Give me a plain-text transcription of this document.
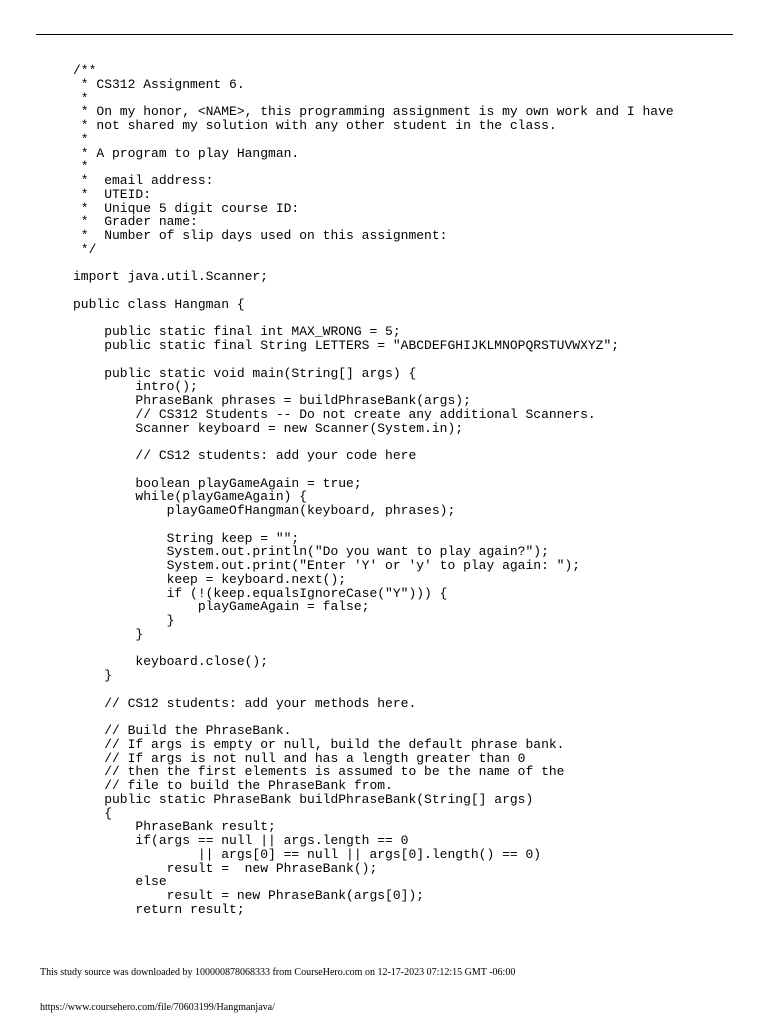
/**
* CS312 Assignment 6.
*
* On my honor, <NAME>, this programming assignment is my own work and I have
* not shared my solution with any other student in the class.
*
* A program to play Hangman.
*
*  email address:
*  UTEID:
*  Unique 5 digit course ID:
*  Grader name:
*  Number of slip days used on this assignment:
*/
import java.util.Scanner;
public class Hangman {
public static final int MAX_WRONG = 5;
public static final String LETTERS = "ABCDEFGHIJKLMNOPQRSTUVWXYZ";
public static void main(String[] args) {
intro();
PhraseBank phrases = buildPhraseBank(args);
// CS312 Students -- Do not create any additional Scanners.
Scanner keyboard = new Scanner(System.in);
// CS12 students: add your code here
boolean playGameAgain = true;
while(playGameAgain) {
playGameOfHangman(keyboard, phrases);
String keep = "";
System.out.println("Do you want to play again?");
System.out.print("Enter 'Y' or 'y' to play again: ");
keep = keyboard.next();
if (!(keep.equalsIgnoreCase("Y"))) {
playGameAgain = false;
}
}
keyboard.close();
}
// CS12 students: add your methods here.
// Build the PhraseBank.
// If args is empty or null, build the default phrase bank.
// If args is not null and has a length greater than 0
// then the first elements is assumed to be the name of the
// file to build the PhraseBank from.
public static PhraseBank buildPhraseBank(String[] args)
{
PhraseBank result;
if(args == null || args.length == 0
|| args[0] == null || args[0].length() == 0)
result =  new PhraseBank();
else
result = new PhraseBank(args[0]);
return result;
This study source was downloaded by 100000878068333 from CourseHero.com on 12-17-2023 07:12:15 GMT -06:00
https://www.coursehero.com/file/70603199/Hangmanjava/
